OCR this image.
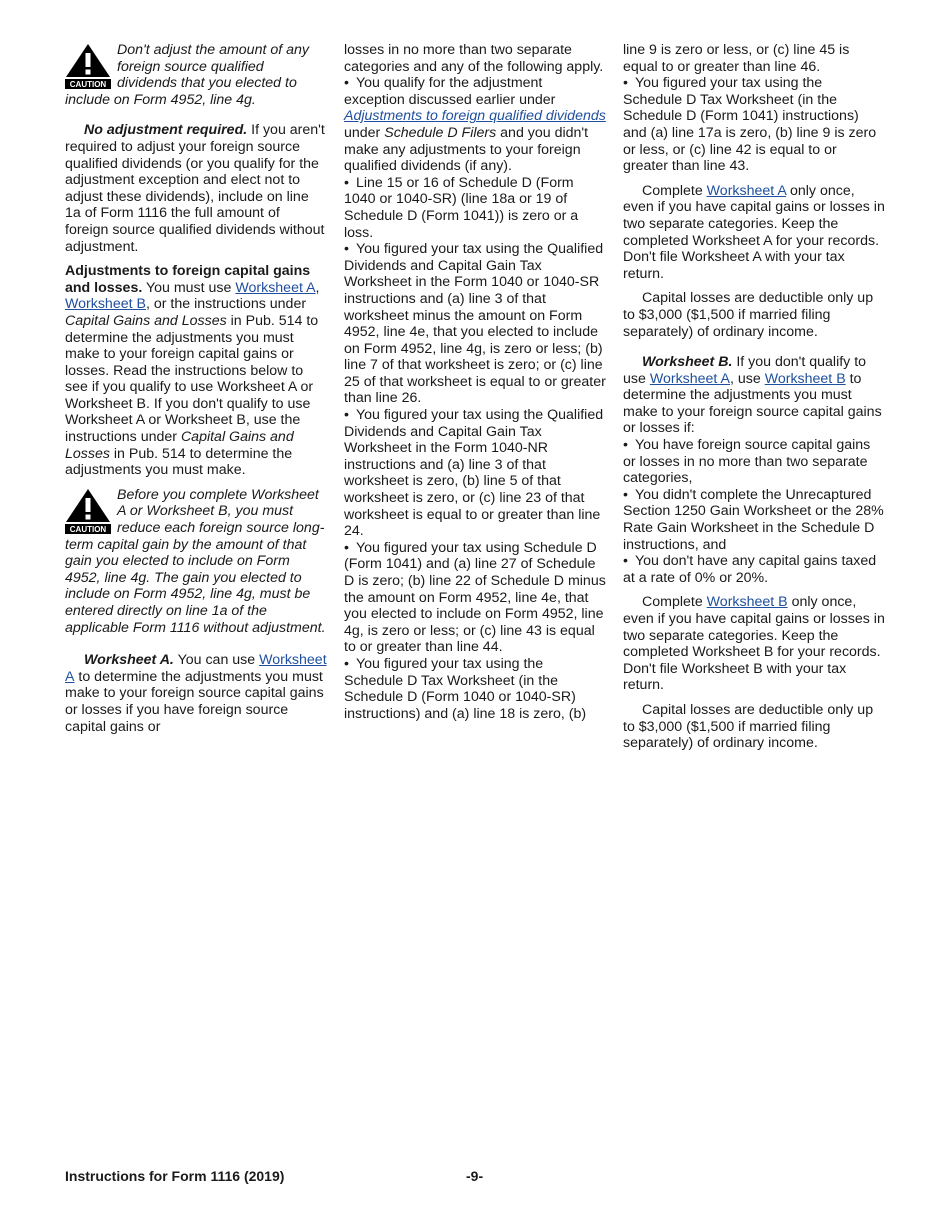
CAUTION

Don't adjust the amount of any foreign source qualified dividends that you elected to include on Form 4952, line 4g.

No adjustment required. If you aren't required to adjust your foreign source qualified dividends (or you qualify for the adjustment exception and elect not to adjust these dividends), include on line 1a of Form 1116 the full amount of foreign source qualified dividends without adjustment.

Adjustments to foreign capital gains and losses. You must use Worksheet A, Worksheet B, or the instructions under Capital Gains and Losses in Pub. 514 to determine the adjustments you must make to your foreign capital gains or losses. Read the instructions below to see if you qualify to use Worksheet A or Worksheet B. If you don't qualify to use Worksheet A or Worksheet B, use the instructions under Capital Gains and Losses in Pub. 514 to determine the adjustments you must make.

CAUTION

Before you complete Worksheet A or Worksheet B, you must reduce each foreign source long-term capital gain by the amount of that gain you elected to include on Form 4952, line 4g. The gain you elected to include on Form 4952, line 4g, must be entered directly on line 1a of the applicable Form 1116 without adjustment.

Worksheet A. You can use Worksheet A to determine the adjustments you must make to your foreign source capital gains or losses if you have foreign source capital gains or

losses in no more than two separate categories and any of the following apply.

• You qualify for the adjustment exception discussed earlier under Adjustments to foreign qualified dividends under Schedule D Filers and you didn't make any adjustments to your foreign qualified dividends (if any).

• Line 15 or 16 of Schedule D (Form 1040 or 1040-SR) (line 18a or 19 of Schedule D (Form 1041)) is zero or a loss.

• You figured your tax using the Qualified Dividends and Capital Gain Tax Worksheet in the Form 1040 or 1040-SR instructions and (a) line 3 of that worksheet minus the amount on Form 4952, line 4e, that you elected to include on Form 4952, line 4g, is zero or less; (b) line 7 of that worksheet is zero; or (c) line 25 of that worksheet is equal to or greater than line 26.

• You figured your tax using the Qualified Dividends and Capital Gain Tax Worksheet in the Form 1040-NR instructions and (a) line 3 of that worksheet is zero, (b) line 5 of that worksheet is zero, or (c) line 23 of that worksheet is equal to or greater than line 24.

• You figured your tax using Schedule D (Form 1041) and (a) line 27 of Schedule D is zero; (b) line 22 of Schedule D minus the amount on Form 4952, line 4e, that you elected to include on Form 4952, line 4g, is zero or less; or (c) line 43 is equal to or greater than line 44.

• You figured your tax using the Schedule D Tax Worksheet (in the Schedule D (Form 1040 or 1040-SR) instructions) and (a) line 18 is zero, (b)

line 9 is zero or less, or (c) line 45 is equal to or greater than line 46.

• You figured your tax using the Schedule D Tax Worksheet (in the Schedule D (Form 1041) instructions) and (a) line 17a is zero, (b) line 9 is zero or less, or (c) line 42 is equal to or greater than line 43.

Complete Worksheet A only once, even if you have capital gains or losses in two separate categories. Keep the completed Worksheet A for your records. Don't file Worksheet A with your tax return.

Capital losses are deductible only up to $3,000 ($1,500 if married filing separately) of ordinary income.

Worksheet B. If you don't qualify to use Worksheet A, use Worksheet B to determine the adjustments you must make to your foreign source capital gains or losses if:

• You have foreign source capital gains or losses in no more than two separate categories,

• You didn't complete the Unrecaptured Section 1250 Gain Worksheet or the 28% Rate Gain Worksheet in the Schedule D instructions, and

• You don't have any capital gains taxed at a rate of 0% or 20%.

Complete Worksheet B only once, even if you have capital gains or losses in two separate categories. Keep the completed Worksheet B for your records. Don't file Worksheet B with your tax return.

Capital losses are deductible only up to $3,000 ($1,500 if married filing separately) of ordinary income.

Instructions for Form 1116 (2019)	-9-
